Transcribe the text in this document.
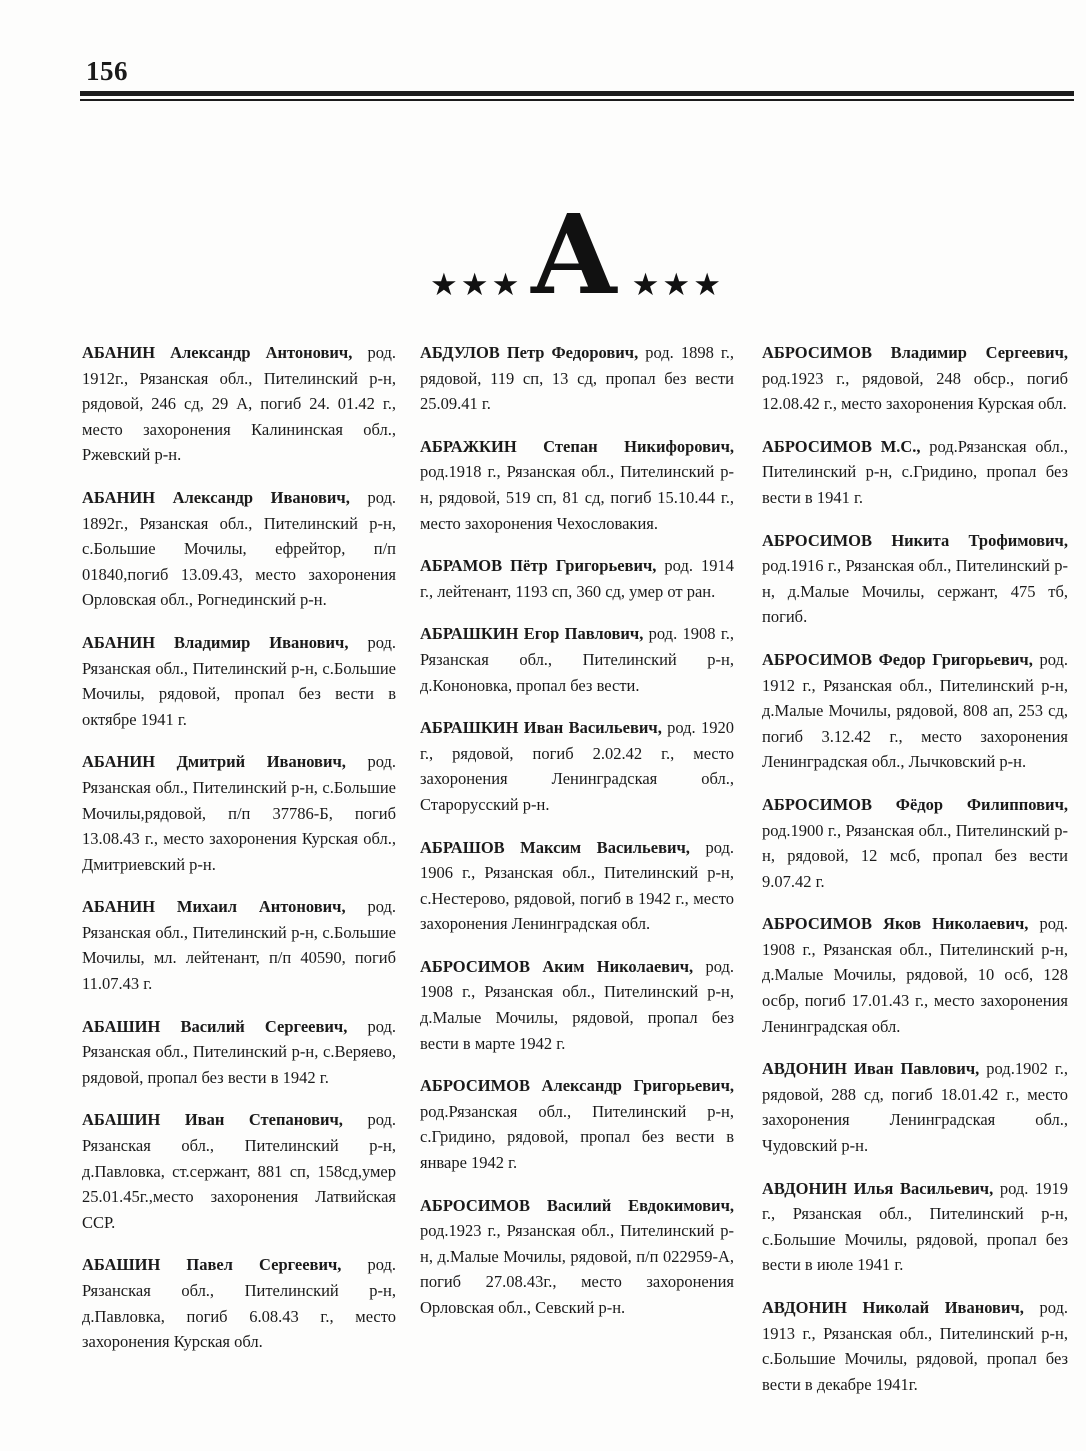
156
★★★ А ★★★

АБАНИН Александр Антонович, род. 1912г., Рязанская обл., Пителинский р-н, рядовой, 246 сд, 29 А, погиб 24. 01.42 г., место захоронения Калининская обл., Ржевский р-н.

АБАНИН Александр Иванович, род. 1892г., Рязанская обл., Пителинский р-н, с.Большие Мочилы, ефрейтор, п/п 01840,погиб 13.09.43, место захоронения Орловская обл., Рогнединский р-н.

АБАНИН Владимир Иванович, род. Рязанская обл., Пителинский р-н, с.Большие Мочилы, рядовой, пропал без вести в октябре 1941 г.

АБАНИН Дмитрий Иванович, род. Рязанская обл., Пителинский р-н, с.Большие Мочилы,рядовой, п/п 37786-Б, погиб 13.08.43 г., место захоронения Курская обл., Дмитриевский р-н.

АБАНИН Михаил Антонович, род. Рязанская обл., Пителинский р-н, с.Большие Мочилы, мл. лейтенант, п/п 40590, погиб 11.07.43 г.

АБАШИН Василий Сергеевич, род. Рязанская обл., Пителинский р-н, с.Веряево, рядовой, пропал без вести в 1942 г.

АБАШИН Иван Степанович, род. Рязанская обл., Пителинский р-н, д.Павловка, ст.сержант, 881 сп, 158сд,умер 25.01.45г.,место захоронения Латвийская ССР.

АБАШИН Павел Сергеевич, род. Рязанская обл., Пителинский р-н, д.Павловка, погиб 6.08.43 г., место захоронения Курская обл.

АБДУЛОВ Петр Федорович, род. 1898 г., рядовой, 119 сп, 13 сд, пропал без вести 25.09.41 г.

АБРАЖКИН Степан Никифорович, род.1918 г., Рязанская обл., Пителинский р-н, рядовой, 519 сп, 81 сд, погиб 15.10.44 г., место захоронения Чехословакия.

АБРАМОВ Пётр Григорьевич, род. 1914 г., лейтенант, 1193 сп, 360 сд, умер от ран.

АБРАШКИН Егор Павлович, род. 1908 г., Рязанская обл., Пителинский р-н, д.Кононовка, пропал без вести.

АБРАШКИН Иван Васильевич, род. 1920 г., рядовой, погиб 2.02.42 г., место захоронения Ленинградская обл., Старорусский р-н.

АБРАШОВ Максим Васильевич, род. 1906 г., Рязанская обл., Пителинский р-н, с.Нестерово, рядовой, погиб в 1942 г., место захоронения Ленинградская обл.

АБРОСИМОВ Аким Николаевич, род. 1908 г., Рязанская обл., Пителинский р-н, д.Малые Мочилы, рядовой, пропал без вести в марте 1942 г.

АБРОСИМОВ Александр Григорьевич, род.Рязанская обл., Пителинский р-н, с.Гридино, рядовой, пропал без вести в январе 1942 г.

АБРОСИМОВ Василий Евдокимович, род.1923 г., Рязанская обл., Пителинский р-н, д.Малые Мочилы, рядовой, п/п 022959-А, погиб 27.08.43г., место захоронения Орловская обл., Севский р-н.

АБРОСИМОВ Владимир Сергеевич, род.1923 г., рядовой, 248 обср., погиб 12.08.42 г., место захоронения Курская обл.

АБРОСИМОВ М.С., род.Рязанская обл., Пителинский р-н, с.Гридино, пропал без вести в 1941 г.

АБРОСИМОВ Никита Трофимович, род.1916 г., Рязанская обл., Пителинский р-н, д.Малые Мочилы, сержант, 475 тб, погиб.

АБРОСИМОВ Федор Григорьевич, род. 1912 г., Рязанская обл., Пителинский р-н, д.Малые Мочилы, рядовой, 808 ап, 253 сд, погиб 3.12.42 г., место захоронения Ленинградская обл., Лычковский р-н.

АБРОСИМОВ Фёдор Филиппович, род.1900 г., Рязанская обл., Пителинский р-н, рядовой, 12 мсб, пропал без вести 9.07.42 г.

АБРОСИМОВ Яков Николаевич, род. 1908 г., Рязанская обл., Пителинский р-н, д.Малые Мочилы, рядовой, 10 осб, 128 осбр, погиб 17.01.43 г., место захоронения Ленинградская обл.

АВДОНИН Иван Павлович, род.1902 г., рядовой, 288 сд, погиб 18.01.42 г., место захоронения Ленинградская обл., Чудовский р-н.

АВДОНИН Илья Васильевич, род. 1919 г., Рязанская обл., Пителинский р-н, с.Большие Мочилы, рядовой, пропал без вести в июле 1941 г.

АВДОНИН Николай Иванович, род. 1913 г., Рязанская обл., Пителинский р-н, с.Большие Мочилы, рядовой, пропал без вести в декабре 1941г.
